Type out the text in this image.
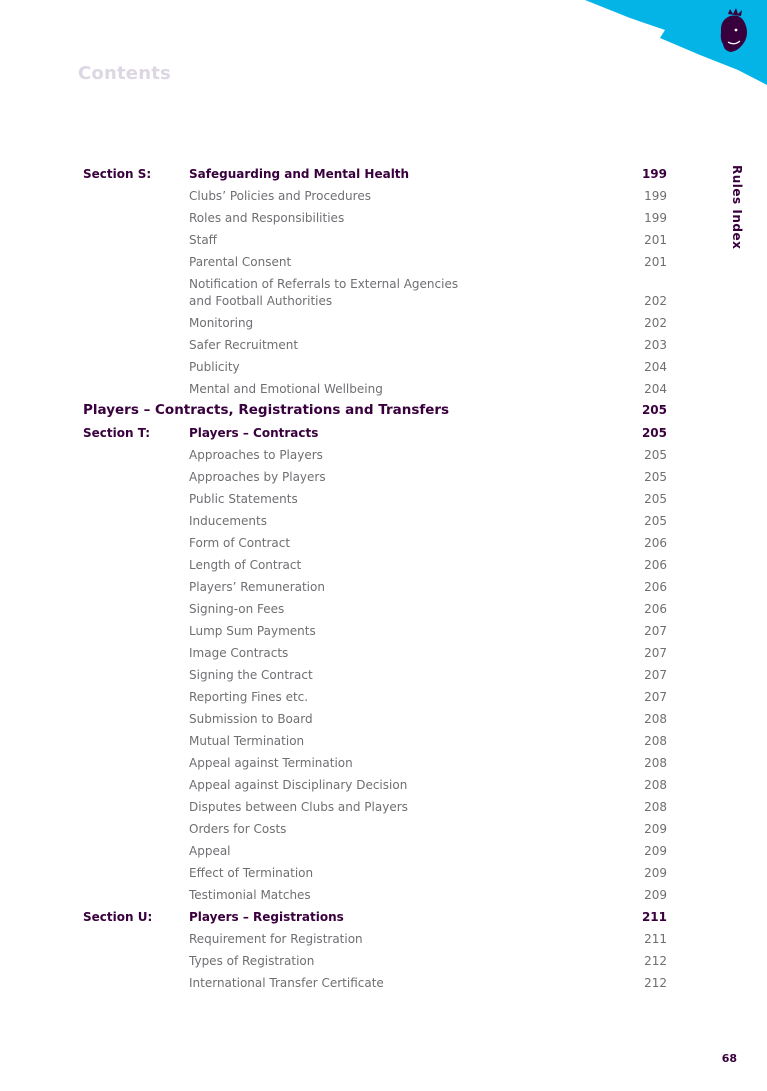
Contents
Rules Index
Section S:	Safeguarding and Mental Health	199
Clubs’ Policies and Procedures	199
Roles and Responsibilities	199
Staff	201
Parental Consent	201
Notification of Referrals to External Agencies
and Football Authorities	202
Monitoring	202
Safer Recruitment	203
Publicity	204
Mental and Emotional Wellbeing	204
Players – Contracts, Registrations and Transfers	205
Section T:	Players – Contracts	205
Approaches to Players	205
Approaches by Players	205
Public Statements	205
Inducements	205
Form of Contract	206
Length of Contract	206
Players’ Remuneration	206
Signing-on Fees	206
Lump Sum Payments	207
Image Contracts	207
Signing the Contract	207
Reporting Fines etc.	207
Submission to Board	208
Mutual Termination	208
Appeal against Termination	208
Appeal against Disciplinary Decision	208
Disputes between Clubs and Players	208
Orders for Costs	209
Appeal	209
Effect of Termination	209
Testimonial Matches	209
Section U:	Players – Registrations	211
Requirement for Registration	211
Types of Registration	212
International Transfer Certificate	212
68
